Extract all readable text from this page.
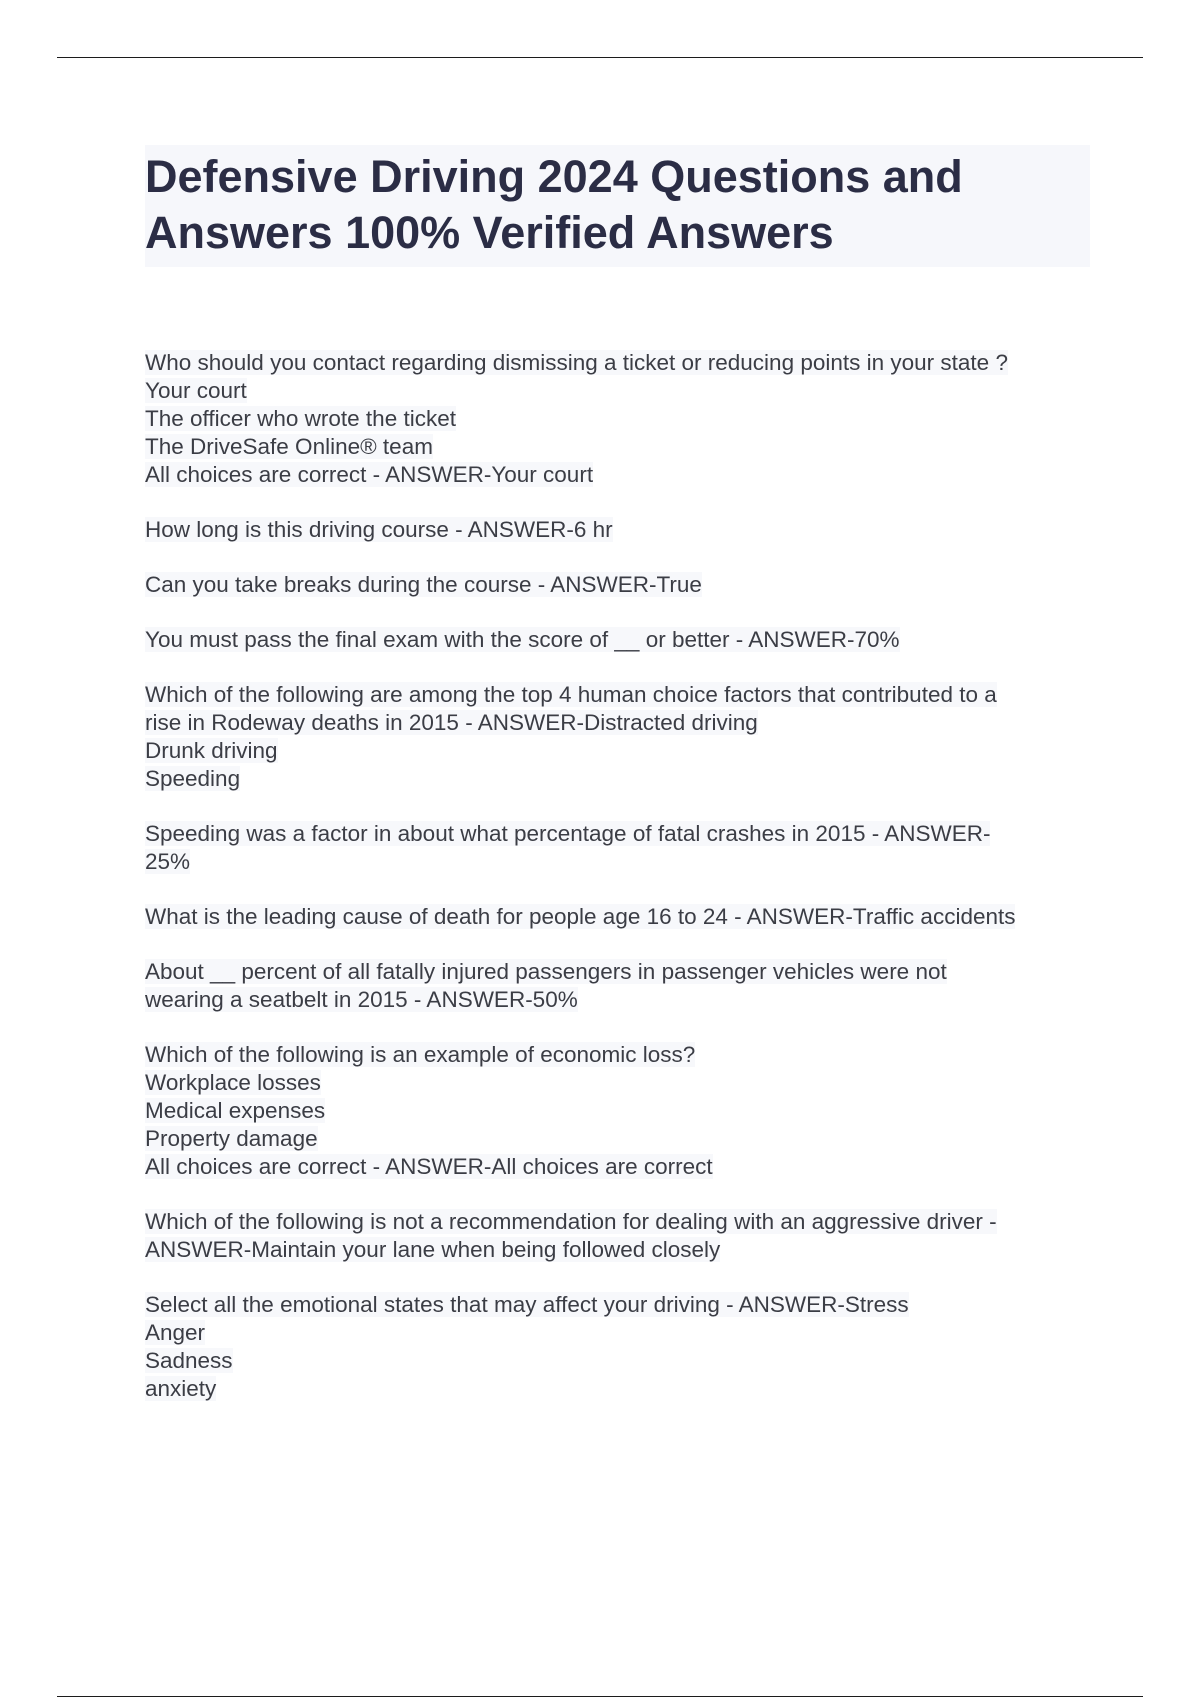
Defensive Driving 2024 Questions and Answers 100% Verified Answers
Who should you contact regarding dismissing a ticket or reducing points in your state ?
Your court
The officer who wrote the ticket
The DriveSafe Online® team
All choices are correct - ANSWER-Your court
How long is this driving course - ANSWER-6 hr
Can you take breaks during the course - ANSWER-True
You must pass the final exam with the score of __ or better - ANSWER-70%
Which of the following are among the top 4 human choice factors that contributed to a
rise in Rodeway deaths in 2015 - ANSWER-Distracted driving
Drunk driving
Speeding
Speeding was a factor in about what percentage of fatal crashes in 2015 - ANSWER-
25%
What is the leading cause of death for people age 16 to 24 - ANSWER-Traffic accidents
About __ percent of all fatally injured passengers in passenger vehicles were not
wearing a seatbelt in 2015 - ANSWER-50%
Which of the following is an example of economic loss?
Workplace losses
Medical expenses
Property damage
All choices are correct - ANSWER-All choices are correct
Which of the following is not a recommendation for dealing with an aggressive driver -
ANSWER-Maintain your lane when being followed closely
Select all the emotional states that may affect your driving - ANSWER-Stress
Anger
Sadness
anxiety
